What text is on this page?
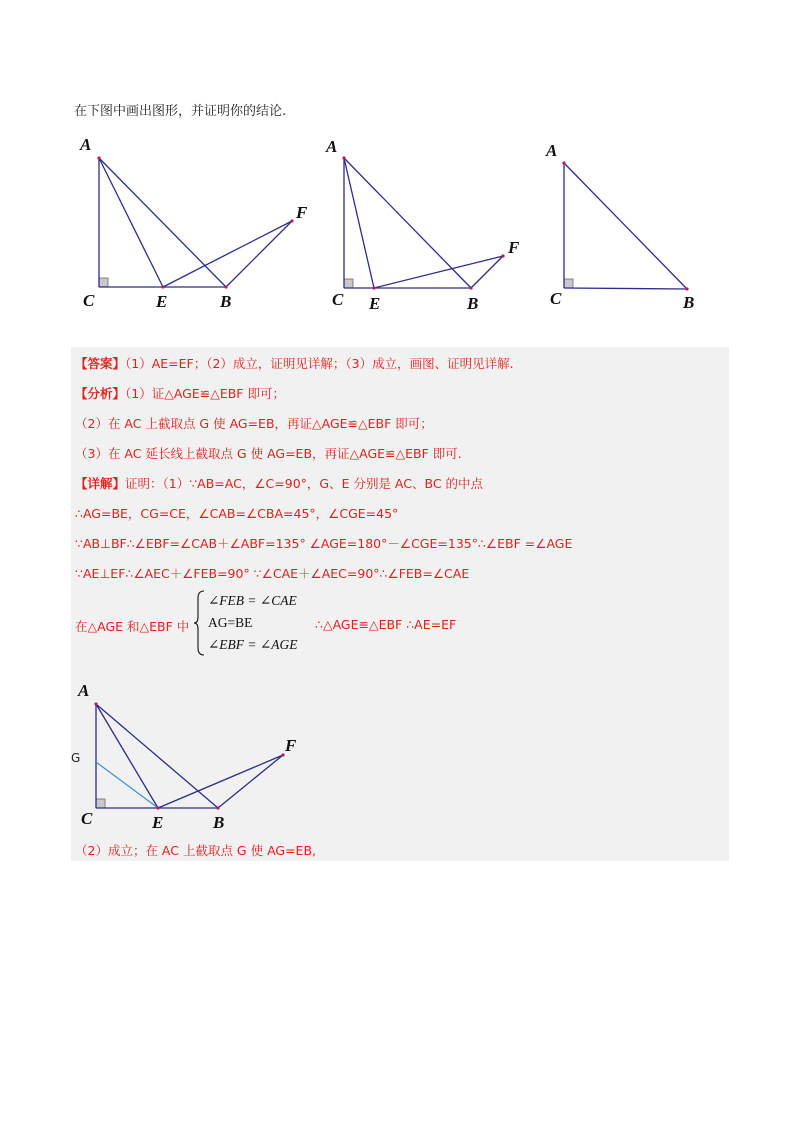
在下图中画出图形，并证明你的结论.
A
C	E	B
F
A
C E	B
F
A
C	B
【答案】（1）AE=EF；（2）成立，证明见详解；（3）成立，画图、证明见详解.
【分析】（1）证△AGE≌△EBF 即可；
（2）在 AC 上截取点 G 使 AG=EB，再证△AGE≌△EBF 即可；
（3）在 AC 延长线上截取点 G 使 AG=EB，再证△AGE≌△EBF 即可.
【详解】证明：（1）∵AB=AC，∠C=90°，G、E 分别是 AC、BC 的中点
∴AG=BE，CG=CE，∠CAB=∠CBA=45°，∠CGE=45°
∵AB⊥BF∴∠EBF=∠CAB＋∠ABF=135° ∠AGE=180°－∠CGE=135°∴∠EBF =∠AGE
∵AE⊥EF∴∠AEC＋∠FEB=90° ∵∠CAE＋∠AEC=90°∴∠FEB=∠CAE
在△AGE 和△EBF 中
∠FEB = ∠CAE
AG=BE
∠EBF = ∠AGE
∴△AGE≌△EBF ∴AE=EF
A
C	E	B
F
G
（2）成立；在 AC 上截取点 G 使 AG=EB,
